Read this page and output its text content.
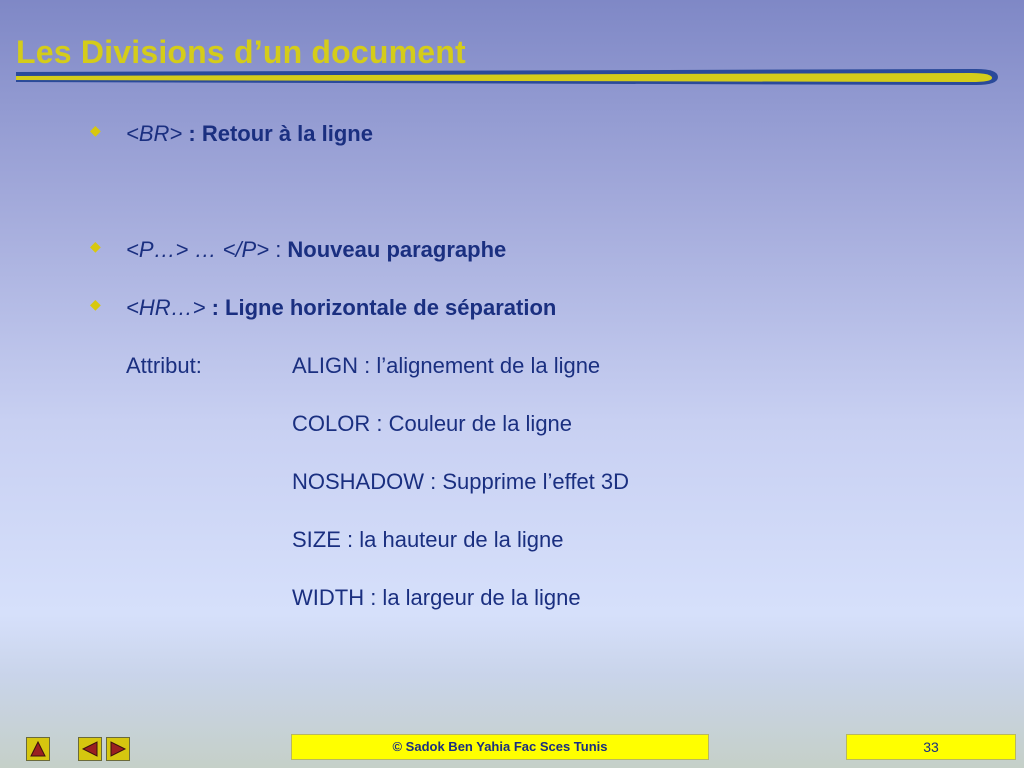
Les Divisions d’un document
◆ <BR> : Retour à la ligne
◆ <P…> … </P> : Nouveau paragraphe
◆ <HR…> : Ligne horizontale de séparation
Attribut:	ALIGN : l’alignement de la ligne
COLOR : Couleur de la ligne
NOSHADOW : Supprime l’effet 3D
SIZE : la hauteur de la ligne
WIDTH : la largeur de la ligne
© Sadok Ben Yahia Fac Sces Tunis	33
